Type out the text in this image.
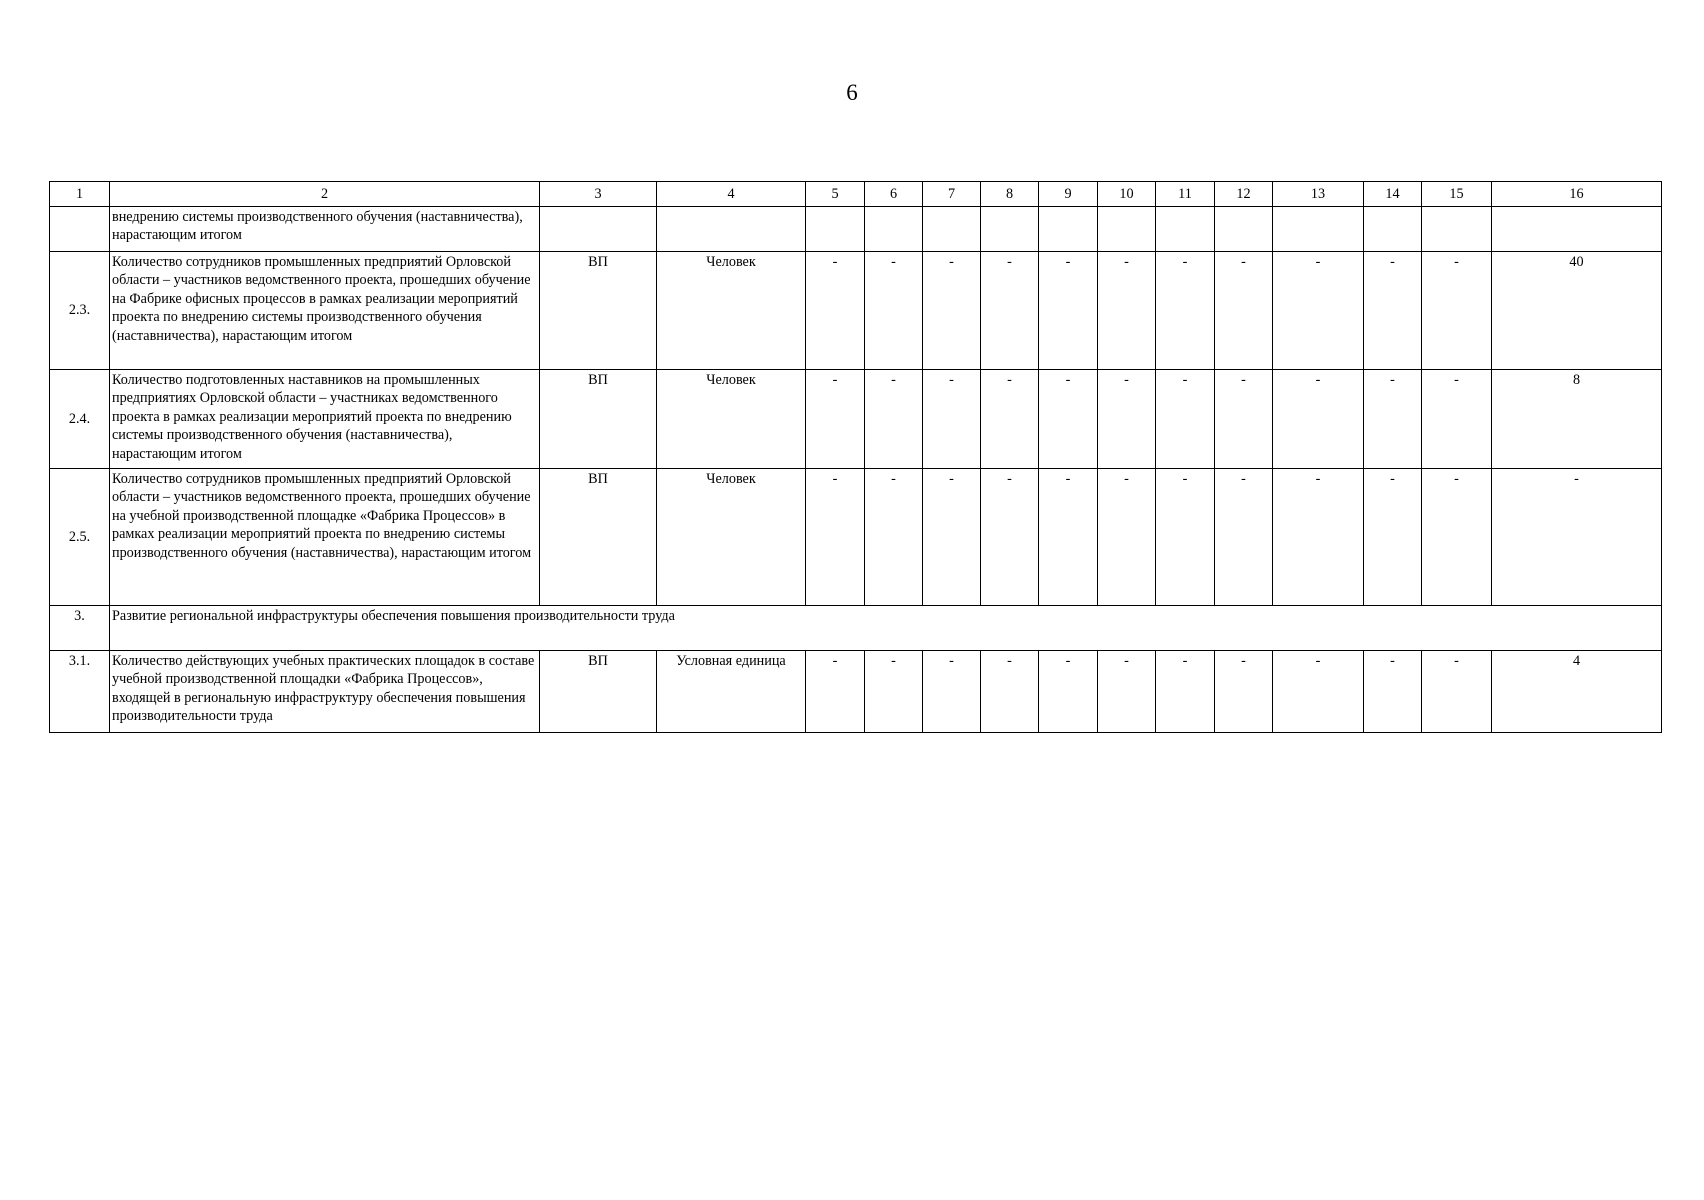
6
1	2	3	4	5	6	7	8	9	10	11	12	13	14	15	16
	внедрению системы производственного обучения (наставничества), нарастающим итогом														
2.3.	Количество сотрудников промышленных предприятий Орловской области – участников ведомственного проекта, прошедших обучение на Фабрике офисных процессов в рамках реализации мероприятий проекта по внедрению системы производственного обучения (наставничества), нарастающим итогом	ВП	Человек	-	-	-	-	-	-	-	-	-	-	-	40
2.4.	Количество подготовленных наставников на промышленных предприятиях Орловской области – участниках ведомственного проекта в рамках реализации мероприятий проекта по внедрению системы производственного обучения (наставничества), нарастающим итогом	ВП	Человек	-	-	-	-	-	-	-	-	-	-	-	8
2.5.	Количество сотрудников промышленных предприятий Орловской области – участников ведомственного проекта, прошедших обучение на учебной производственной площадке «Фабрика Процессов» в рамках реализации мероприятий проекта по внедрению системы производственного обучения (наставничества), нарастающим итогом	ВП	Человек	-	-	-	-	-	-	-	-	-	-	-	-
3.	Развитие региональной инфраструктуры обеспечения повышения производительности труда														
3.1.	Количество действующих учебных практических площадок в составе учебной производственной площадки «Фабрика Процессов», входящей в региональную инфраструктуру обеспечения повышения производительности труда	ВП	Условная единица	-	-	-	-	-	-	-	-	-	-	-	4
